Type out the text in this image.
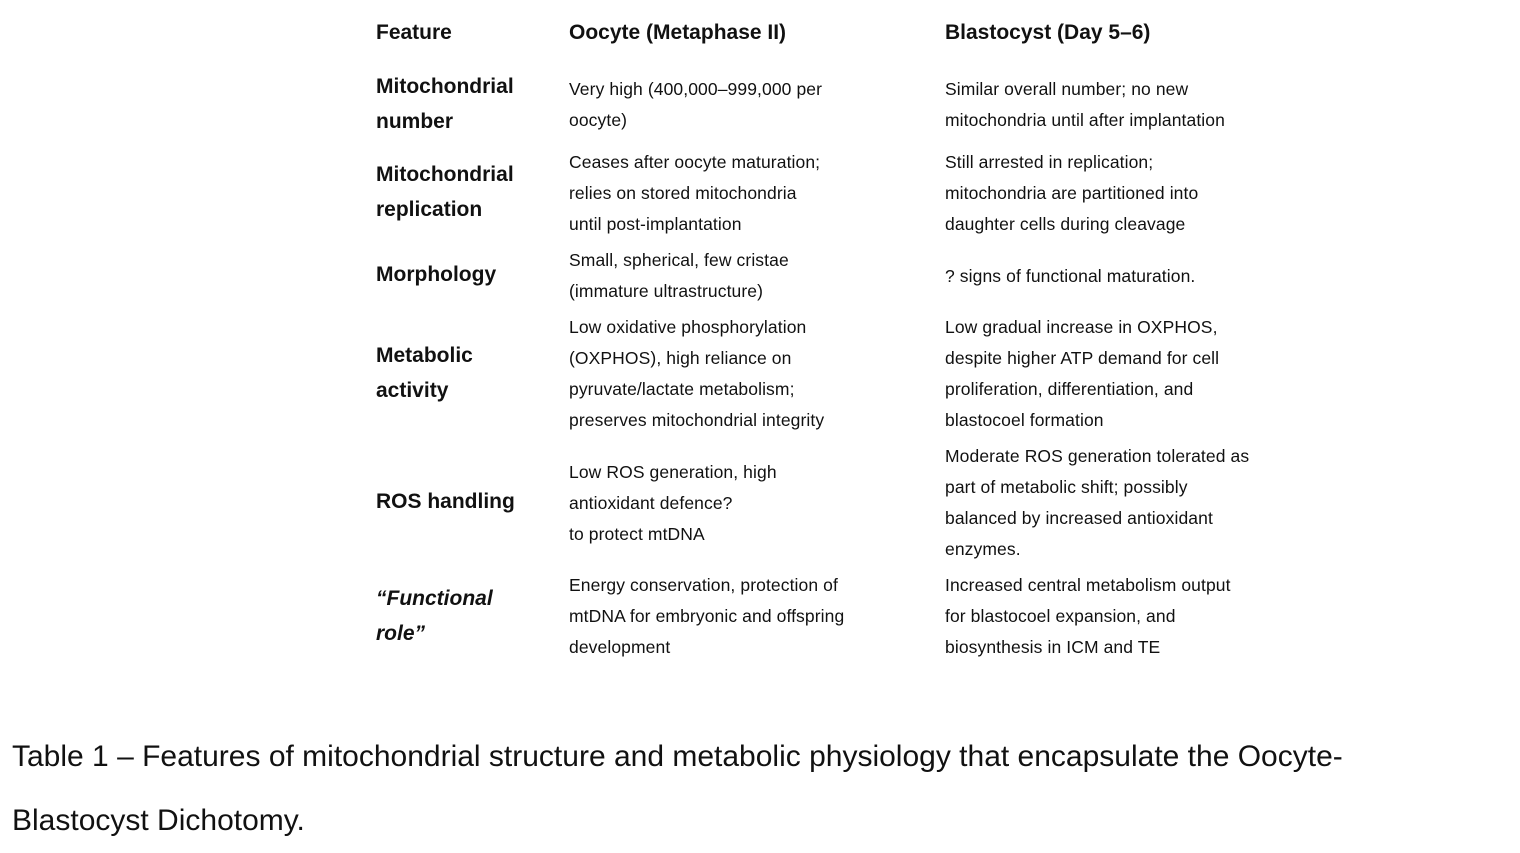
Feature	Oocyte (Metaphase II)	Blastocyst (Day 5–6)
Mitochondrial
number
Very high (400,000–999,000 per
oocyte)
Similar overall number; no new
mitochondria until after implantation
Mitochondrial
replication
Ceases after oocyte maturation;
relies on stored mitochondria
until post-implantation
Still arrested in replication;
mitochondria are partitioned into
daughter cells during cleavage
Morphology
Small, spherical, few cristae
(immature ultrastructure)
? signs of functional maturation.
Metabolic
activity
Low oxidative phosphorylation
(OXPHOS), high reliance on
pyruvate/lactate metabolism;
preserves mitochondrial integrity
Low gradual increase in OXPHOS,
despite higher ATP demand for cell
proliferation, differentiation, and
blastocoel formation
ROS handling
Low ROS generation, high
antioxidant defence?
to protect mtDNA
Moderate ROS generation tolerated as
part of metabolic shift; possibly
balanced by increased antioxidant
enzymes.
“Functional
role”
Energy conservation, protection of
mtDNA for embryonic and offspring
development
Increased central metabolism output
for blastocoel expansion, and
biosynthesis in ICM and TE
Table 1 – Features of mitochondrial structure and metabolic physiology that encapsulate the Oocyte-
Blastocyst Dichotomy.
